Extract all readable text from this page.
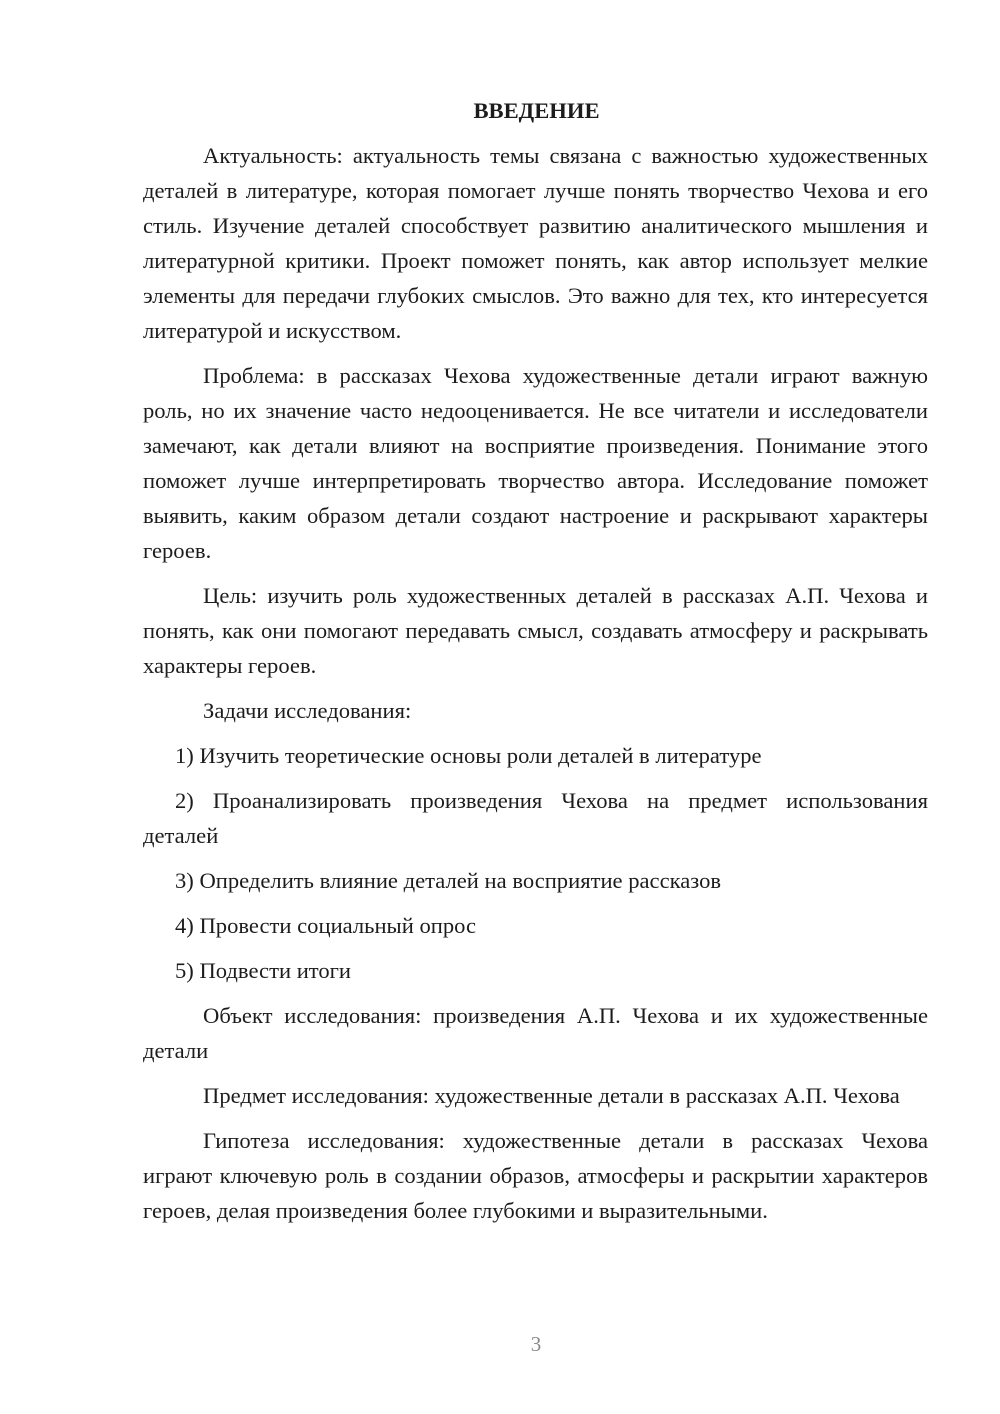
ВВЕДЕНИЕ

Актуальность: актуальность темы связана с важностью художественных деталей в литературе, которая помогает лучше понять творчество Чехова и его стиль. Изучение деталей способствует развитию аналитического мышления и литературной критики. Проект поможет понять, как автор использует мелкие элементы для передачи глубоких смыслов. Это важно для тех, кто интересуется литературой и искусством.

Проблема: в рассказах Чехова художественные детали играют важную роль, но их значение часто недооценивается. Не все читатели и исследователи замечают, как детали влияют на восприятие произведения. Понимание этого поможет лучше интерпретировать творчество автора. Исследование поможет выявить, каким образом детали создают настроение и раскрывают характеры героев.

Цель: изучить роль художественных деталей в рассказах А.П. Чехова и понять, как они помогают передавать смысл, создавать атмосферу и раскрывать характеры героев.

Задачи исследования:

1) Изучить теоретические основы роли деталей в литературе

2) Проанализировать произведения Чехова на предмет использования деталей

3) Определить влияние деталей на восприятие рассказов

4) Провести социальный опрос

5) Подвести итоги

Объект исследования: произведения А.П. Чехова и их художественные детали

Предмет исследования: художественные детали в рассказах А.П. Чехова

Гипотеза исследования: художественные детали в рассказах Чехова играют ключевую роль в создании образов, атмосферы и раскрытии характеров героев, делая произведения более глубокими и выразительными.

3
